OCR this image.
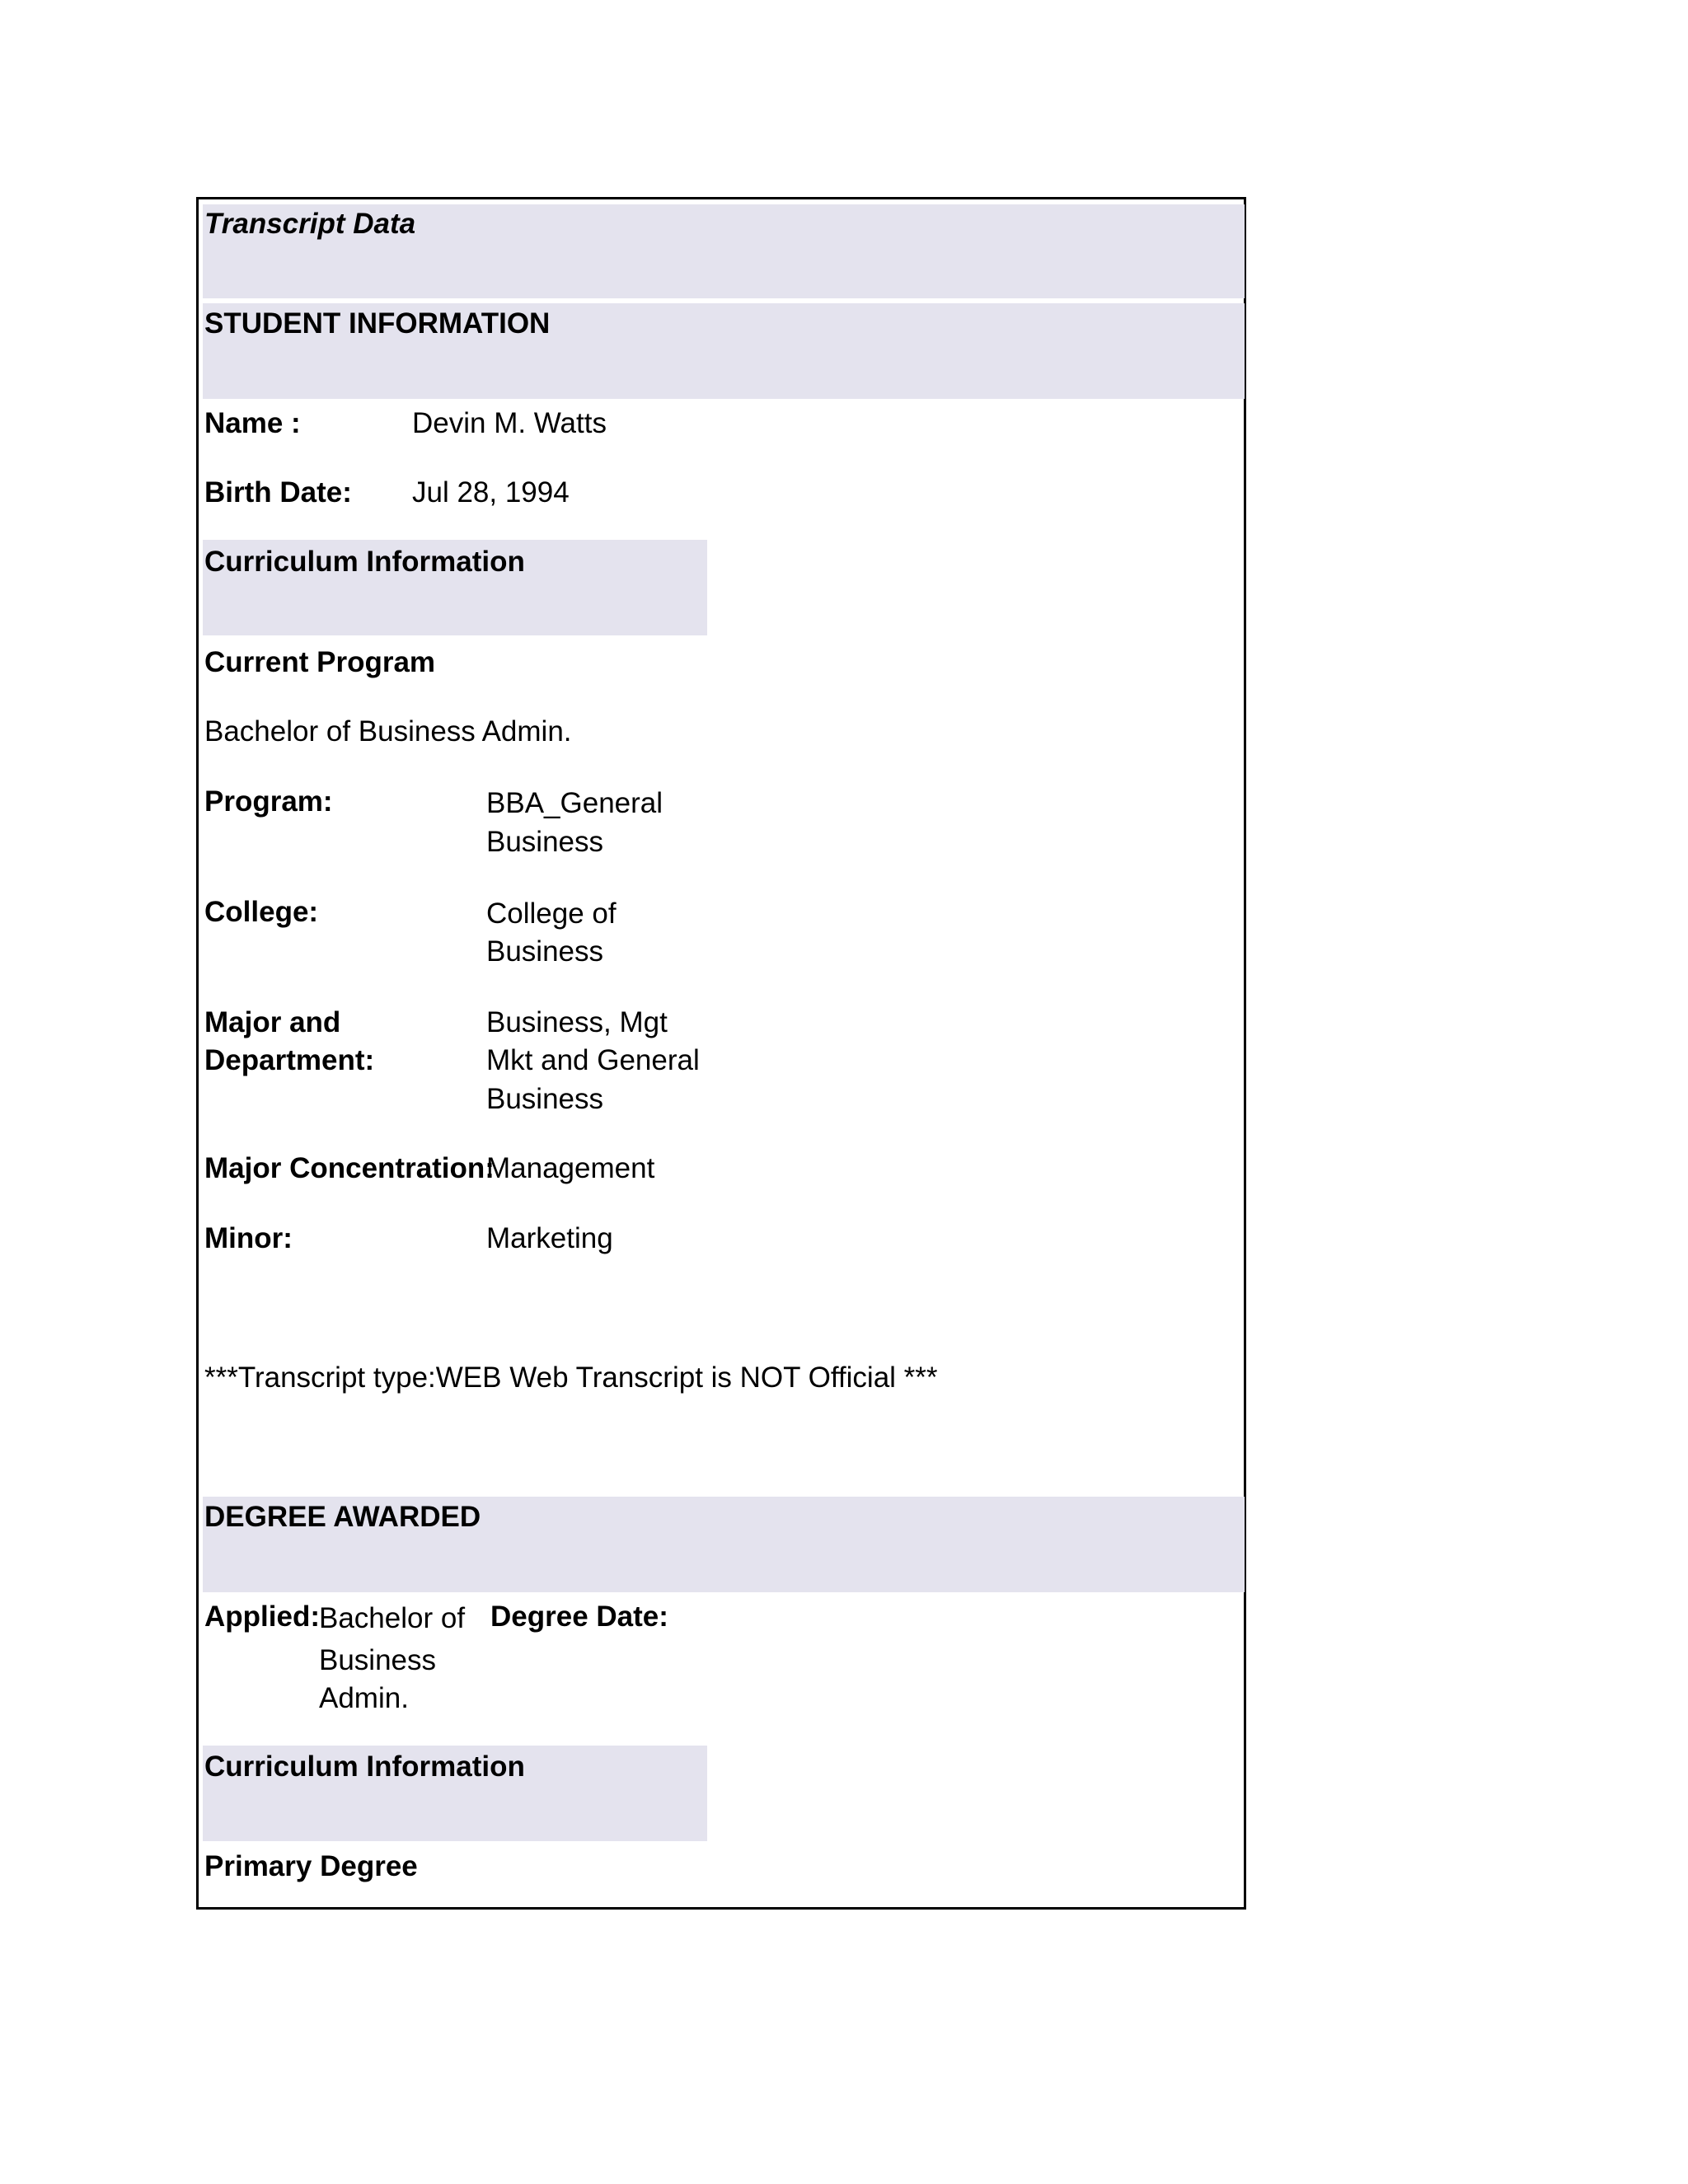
Transcript Data
STUDENT INFORMATION
Name :	Devin M. Watts
Birth Date: Jul 28, 1994
Curriculum Information
Current Program
Bachelor of Business Admin.
Program:	BBA_General
Business
College:	College of
Business
Major and
Department:
Business, Mgt
Mkt and General
Business
Major Concentration:
Management
Minor:	Marketing
***Transcript type:WEB Web Transcript is NOT Official ***
DEGREE AWARDED
Applied: Bachelor of
Business
Admin.
Degree Date:
Curriculum Information
Primary Degree
